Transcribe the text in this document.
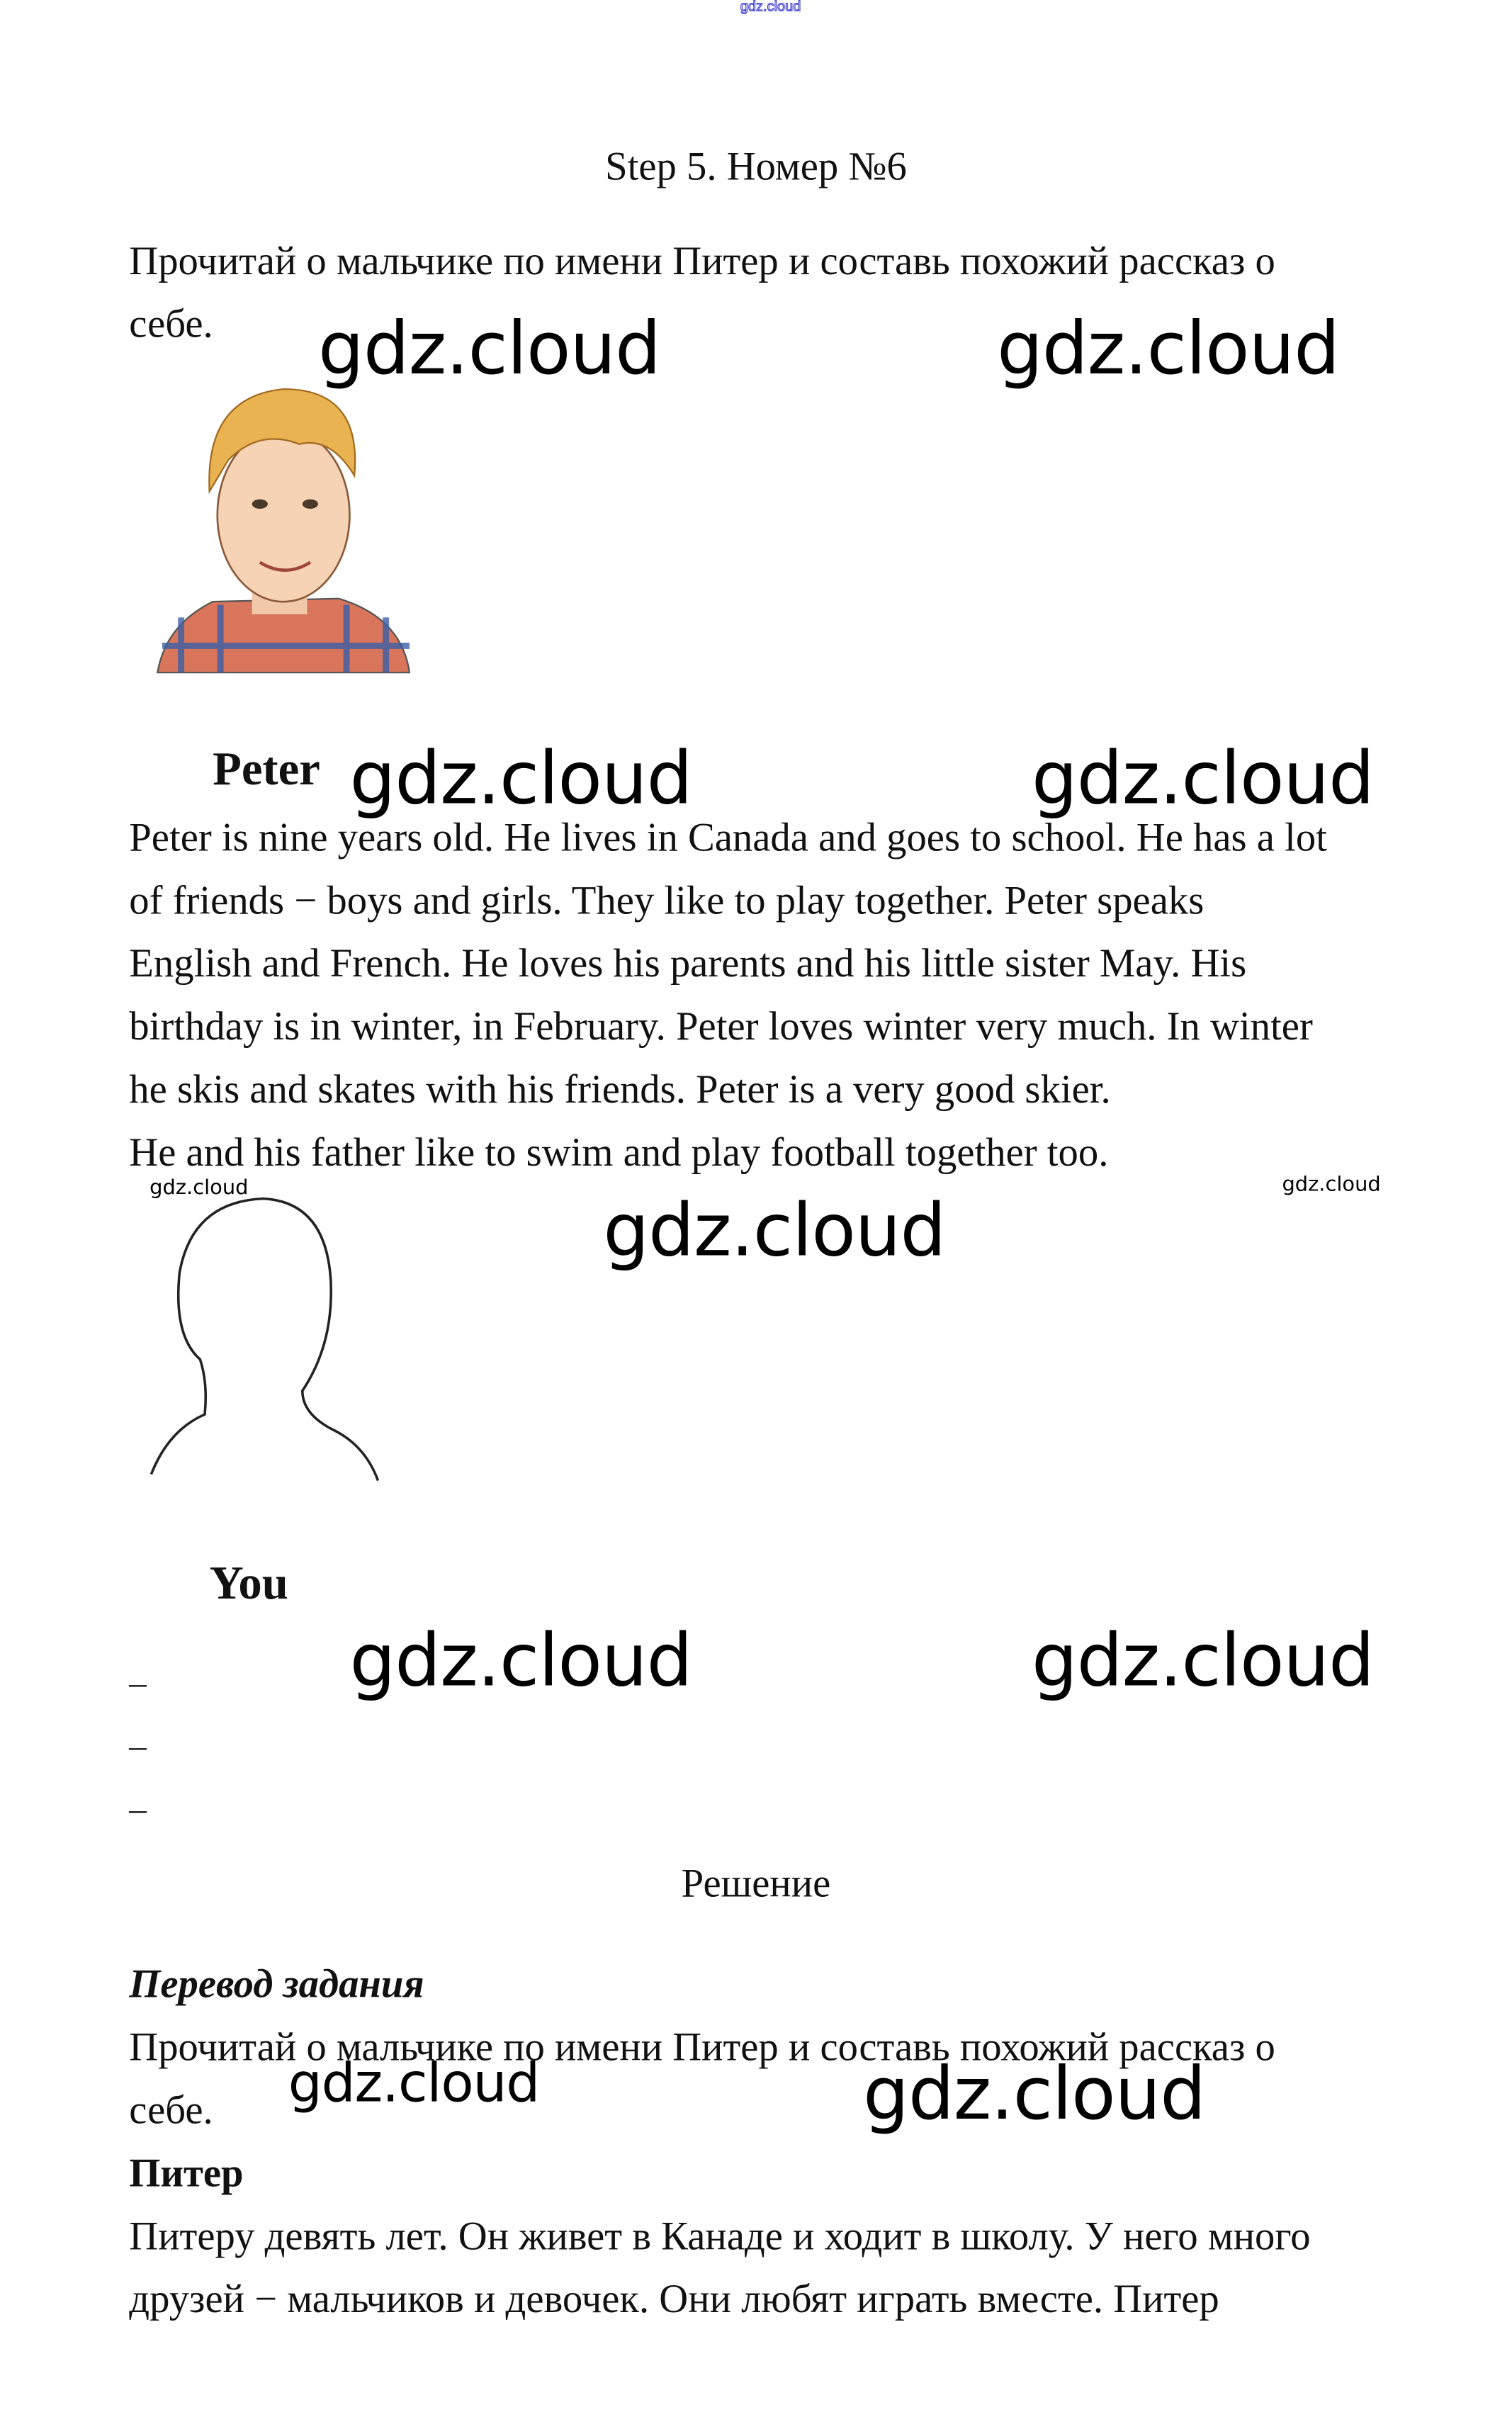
gdz.cloud
Step 5. Номер №6
Прочитай о мальчике по имени Питер и составь похожий рассказ о
себе.	gdz.cloud	gdz.cloud
Peter gdz.cloud	gdz.cloud
Peter is nine years old. He lives in Canada and goes to school. He has a lot
of friends − boys and girls. They like to play together. Peter speaks
English and French. He loves his parents and his little sister May. His
birthday is in winter, in February. Peter loves winter very much. In winter
he skis and skates with his friends. Peter is a very good skier.
He and his father like to swim and play football together too.
gdz.cloud	gdz.cloud
gdz.cloud
You
gdz.cloud	gdz.cloud
_
_
_
Решение
Перевод задания
Прочитай о мальчике по имени Питер и составь похожий рассказ о
себе.	gdz.cloud	gdz.cloud
Питер
Питеру девять лет. Он живет в Канаде и ходит в школу. У него много
друзей − мальчиков и девочек. Они любят играть вместе. Питер
